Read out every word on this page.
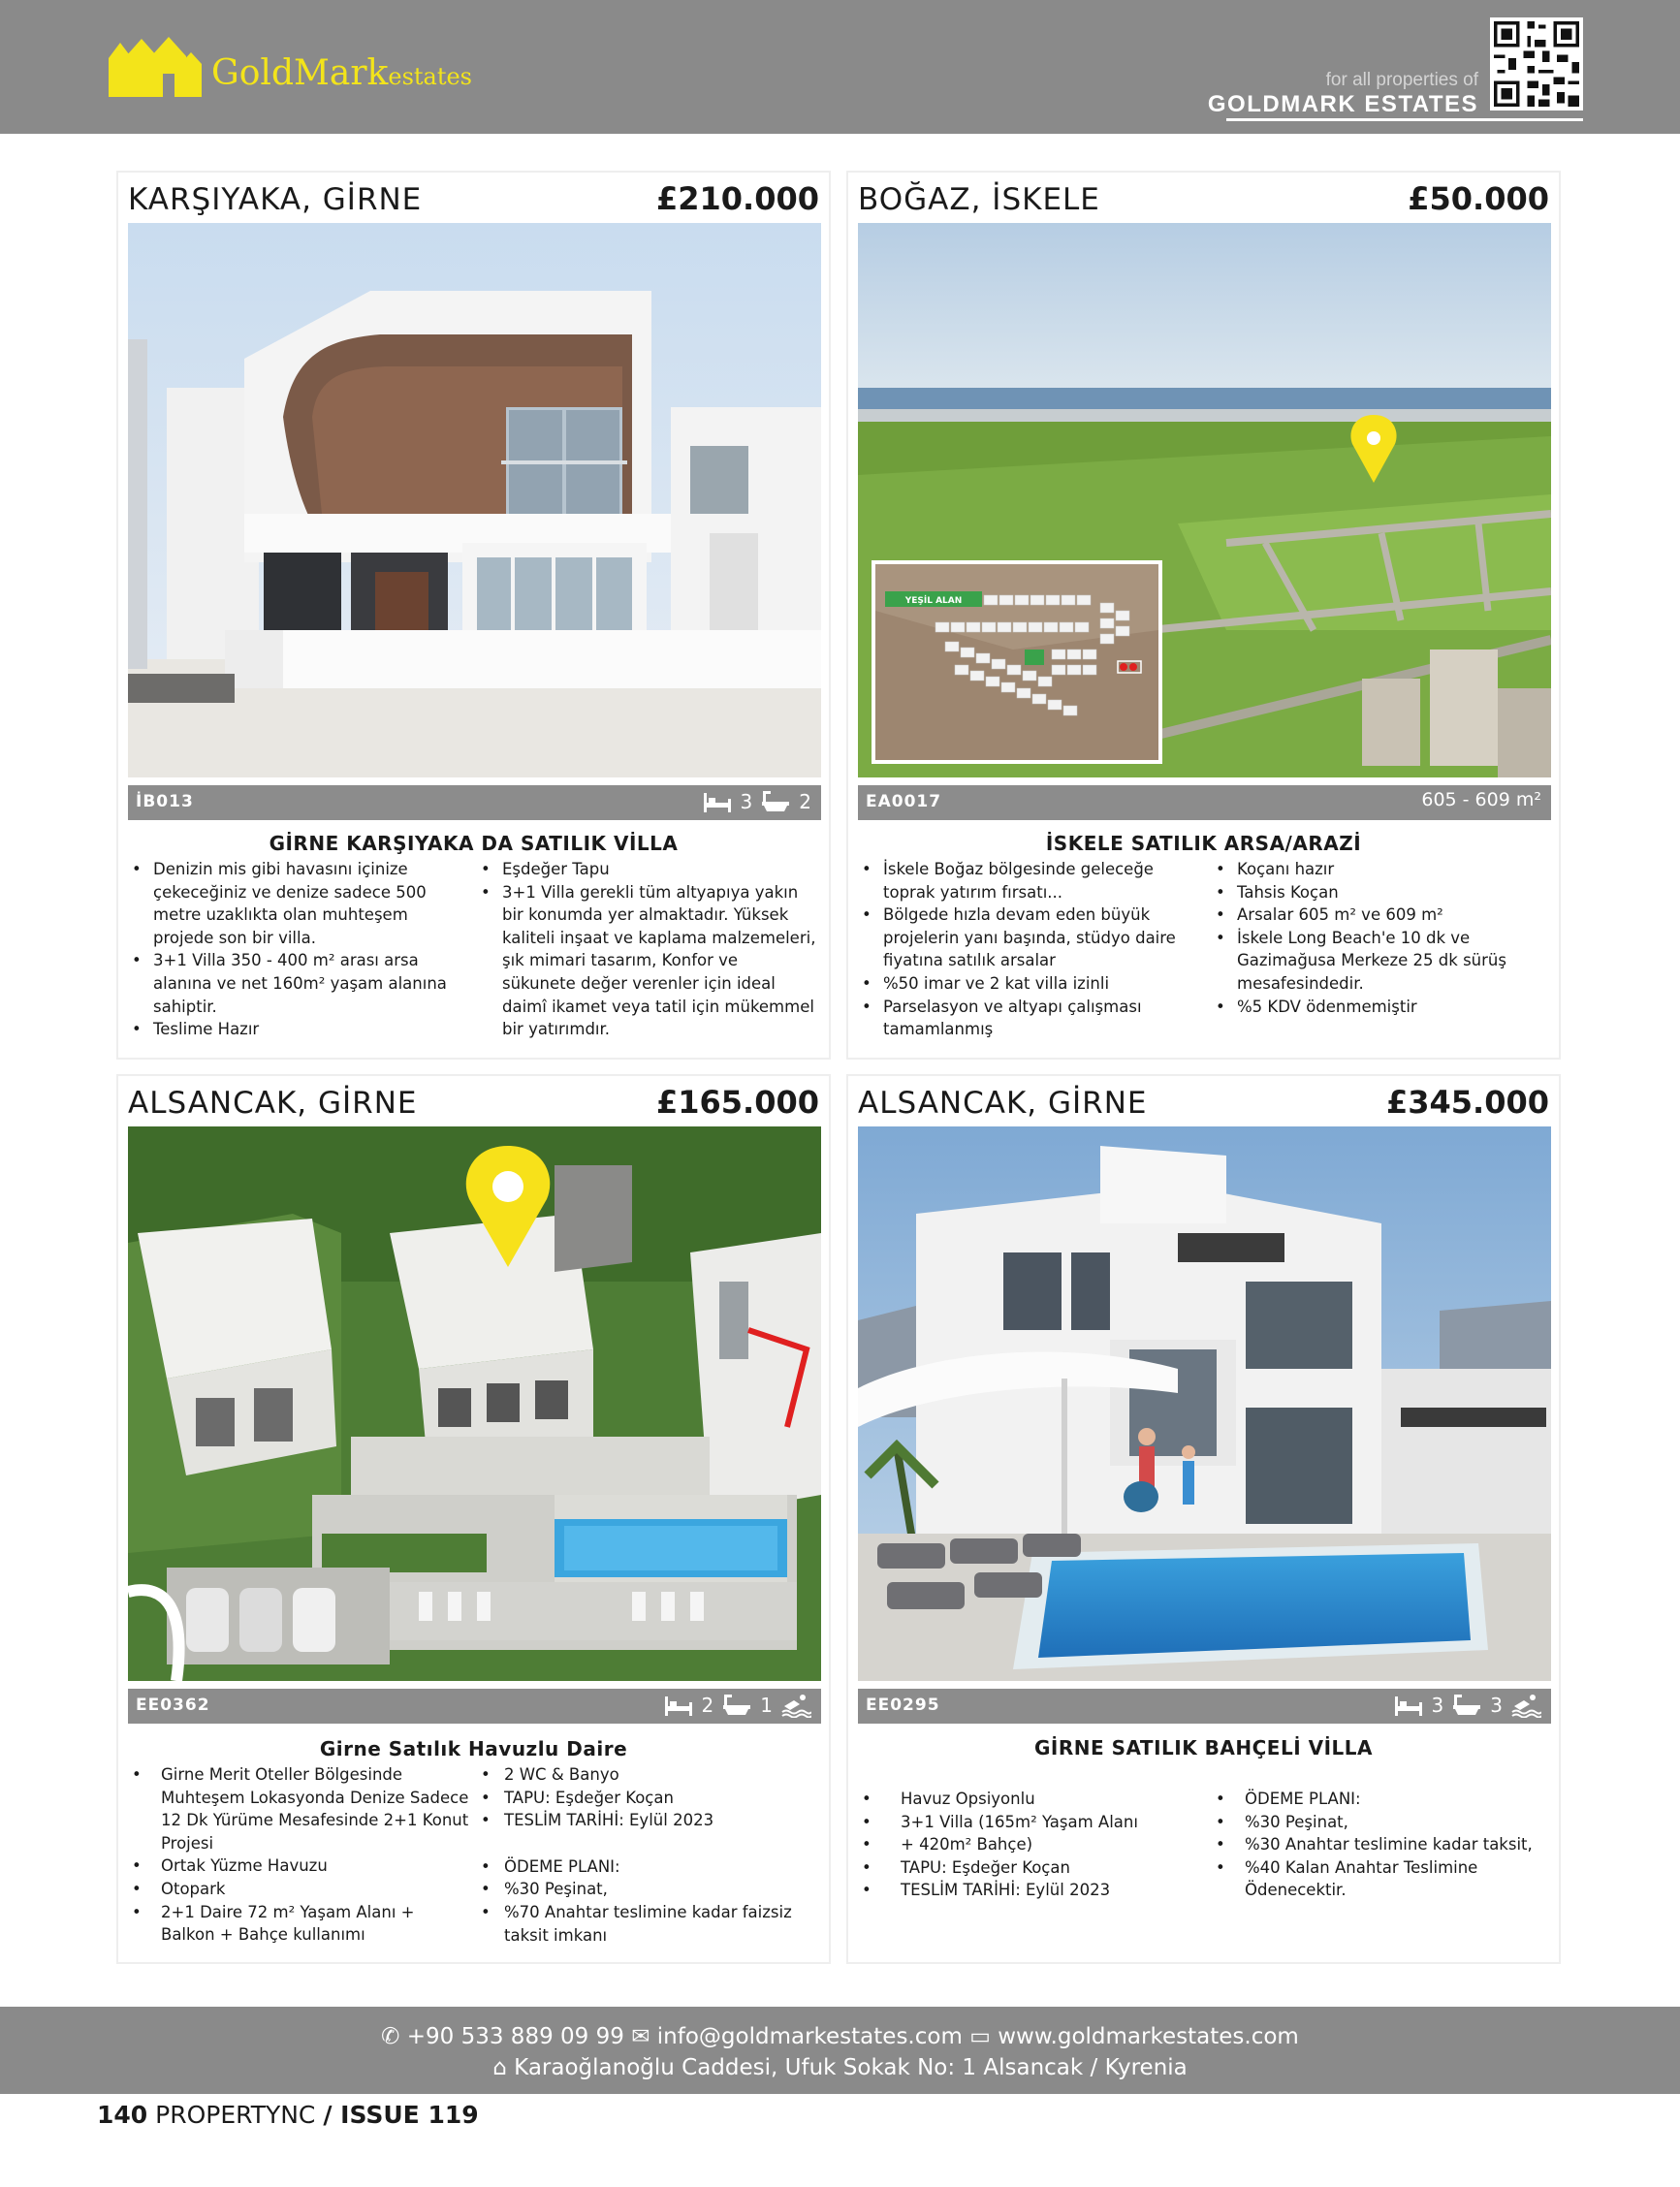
GoldMarkestates	for all properties of
GOLDMARK ESTATES
KARŞIYAKA, GİRNE	£210.000
İB013	3 2
GİRNE KARŞIYAKA DA SATILIK VİLLA
• Denizin mis gibi havasını içinize çekeceğiniz ve denize sadece 500 metre uzaklıkta olan muhteşem projede son bir villa.
• 3+1 Villa 350 - 400 m² arası arsa alanına ve net 160m² yaşam alanına sahiptir.
• Teslime Hazır
• Eşdeğer Tapu
• 3+1 Villa gerekli tüm altyapıya yakın bir konumda yer almaktadır. Yüksek kaliteli inşaat ve kaplama malzemeleri, şık mimari tasarım, Konfor ve sükunete değer verenler için ideal daimî ikamet veya tatil için mükemmel bir yatırımdır.
BOĞAZ, İSKELE	£50.000
YEŞİL ALAN
EA0017	605 - 609 m²
İSKELE SATILIK ARSA/ARAZİ
• İskele Boğaz bölgesinde geleceğe toprak yatırım fırsatı...
• Bölgede hızla devam eden büyük projelerin yanı başında, stüdyo daire fiyatına satılık arsalar
• %50 imar ve 2 kat villa izinli
• Parselasyon ve altyapı çalışması tamamlanmış
• Koçanı hazır
• Tahsis Koçan
• Arsalar 605 m² ve 609 m²
• İskele Long Beach'e 10 dk ve Gazimağusa Merkeze 25 dk sürüş mesafesindedir.
• %5 KDV ödenmemiştir
ALSANCAK, GİRNE	£165.000
EE0362	2 1
Girne Satılık Havuzlu Daire
• Girne Merit Oteller Bölgesinde Muhteşem Lokasyonda Denize Sadece 12 Dk Yürüme Mesafesinde 2+1 Konut Projesi
• Ortak Yüzme Havuzu
• Otopark
• 2+1 Daire 72 m² Yaşam Alanı + Balkon + Bahçe kullanımı
• 2 WC & Banyo
• TAPU: Eşdeğer Koçan
• TESLİM TARİHİ: Eylül 2023
• ÖDEME PLANI:
• %30 Peşinat,
• %70 Anahtar teslimine kadar faizsiz taksit imkanı
ALSANCAK, GİRNE	£345.000
EE0295	3 3
GİRNE SATILIK BAHÇELİ VİLLA
• Havuz Opsiyonlu
• 3+1 Villa (165m² Yaşam Alanı
• + 420m² Bahçe)
• TAPU: Eşdeğer Koçan
• TESLİM TARİHİ: Eylül 2023
• ÖDEME PLANI:
• %30 Peşinat,
• %30 Anahtar teslimine kadar taksit,
• %40 Kalan Anahtar Teslimine Ödenecektir.
✆ +90 533 889 09 99 ✉ info@goldmarkestates.com ▭ www.goldmarkestates.com
⌂ Karaoğlanoğlu Caddesi, Ufuk Sokak No: 1 Alsancak / Kyrenia
140 PROPERTYNC / ISSUE 119
